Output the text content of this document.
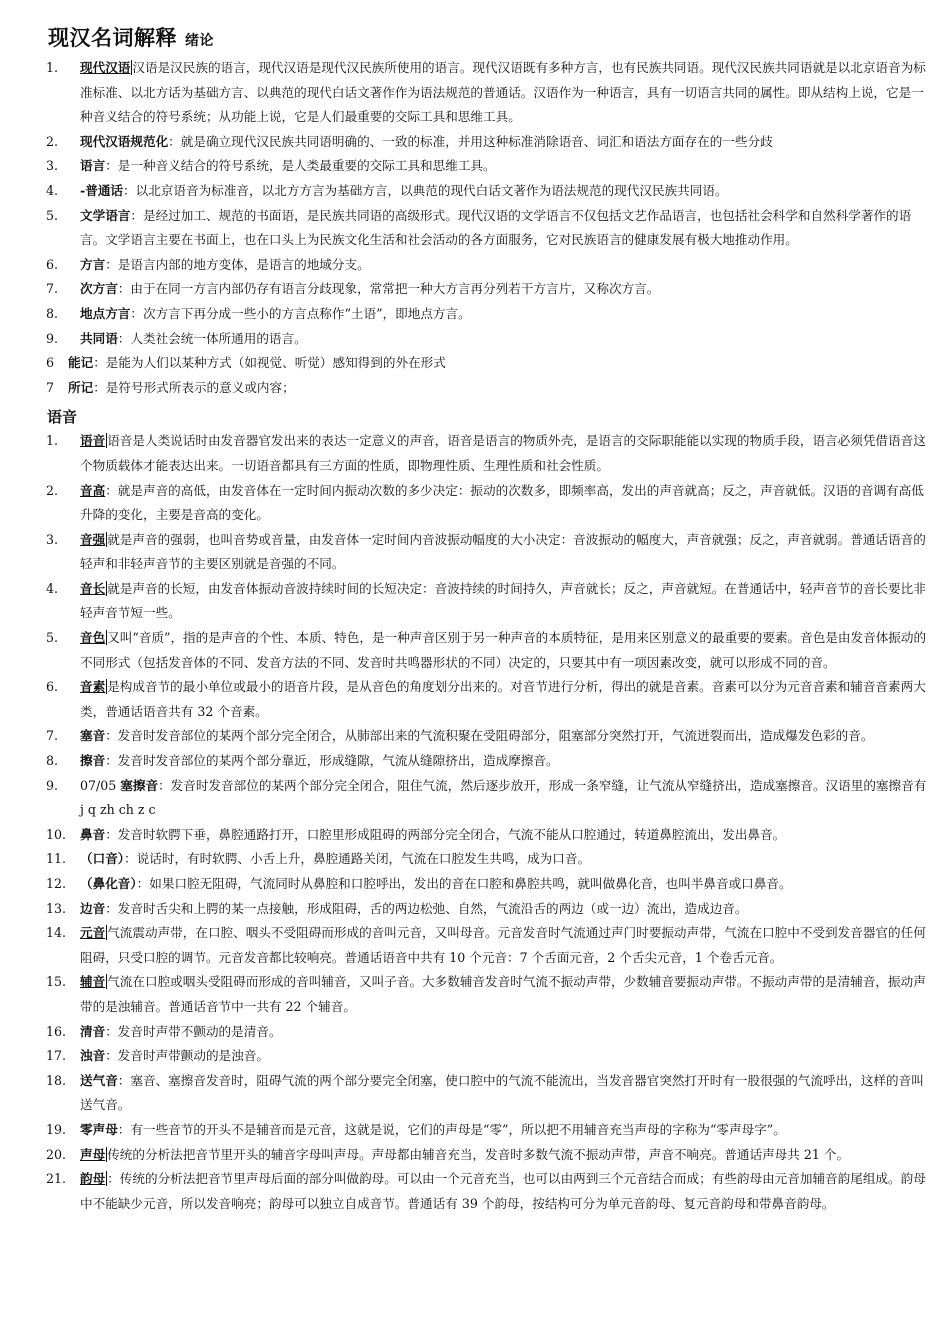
现汉名词解释 绪论
1. 现代汉语 汉语是汉民族的语言，现代汉语是现代汉民族所使用的语言。现代汉语既有多种方言，也有民族共同语。现代汉民族共同语就是以北京语音为标准标准、以北方话为基础方言、以典范的现代白话文著作作为语法规范的普通话。汉语作为一种语言，具有一切语言共同的属性。即从结构上说，它是一种音义结合的符号系统；从功能上说，它是人们最重要的交际工具和思维工具。
2. 现代汉语规范化：就是确立现代汉民族共同语明确的、一致的标准，并用这种标准消除语音、词汇和语法方面存在的一些分歧
3. 语言：是一种音义结合的符号系统，是人类最重要的交际工具和思维工具。
4. -普通话：以北京语音为标准音，以北方方言为基础方言，以典范的现代白话文著作为语法规范的现代汉民族共同语。
5. 文学语言：是经过加工、规范的书面语，是民族共同语的高级形式。现代汉语的文学语言不仅包括文艺作品语言，也包括社会科学和自然科学著作的语言。文学语言主要在书面上，也在口头上为民族文化生活和社会活动的各方面服务，它对民族语言的健康发展有极大地推动作用。
6. 方言：是语言内部的地方变体，是语言的地域分支。
7. 次方言：由于在同一方言内部仍存有语言分歧现象，常常把一种大方言再分列若干方言片，又称次方言。
8. 地点方言：次方言下再分成一些小的方言点称作“土语”，即地点方言。
9. 共同语：人类社会统一体所通用的语言。
6 能记：是能为人们以某种方式（如视觉、听觉）感知得到的外在形式
7 所记：是符号形式所表示的意义或内容；
语音
1. 语音 语音是人类说话时由发音器官发出来的表达一定意义的声音，语音是语言的物质外壳，是语言的交际职能能以实现的物质手段，语言必须凭借语音这个物质载体才能表达出来。一切语音都具有三方面的性质，即物理性质、生理性质和社会性质。
2. 音高：就是声音的高低，由发音体在一定时间内振动次数的多少决定：振动的次数多，即频率高，发出的声音就高；反之，声音就低。汉语的音调有高低升降的变化，主要是音高的变化。
3. 音强 就是声音的强弱，也叫音势或音量，由发音体一定时间内音波振动幅度的大小决定：音波振动的幅度大，声音就强；反之，声音就弱。普通话语音的轻声和非轻声音节的主要区别就是音强的不同。
4. 音长 就是声音的长短，由发音体振动音波持续时间的长短决定：音波持续的时间持久，声音就长；反之，声音就短。在普通话中，轻声音节的音长要比非轻声音节短一些。
5. 音色 又叫“音质”，指的是声音的个性、本质、特色，是一种声音区别于另一种声音的本质特征，是用来区别意义的最重要的要素。音色是由发音体振动的不同形式（包括发音体的不同、发音方法的不同、发音时共鸣器形状的不同）决定的，只要其中有一项因素改变，就可以形成不同的音。
6. 音素 是构成音节的最小单位或最小的语音片段，是从音色的角度划分出来的。对音节进行分析，得出的就是音素。音素可以分为元音音素和辅音音素两大类，普通话语音共有 32 个音素。
7. 塞音：发音时发音部位的某两个部分完全闭合，从肺部出来的气流积聚在受阻碍部分，阻塞部分突然打开，气流迸裂而出，造成爆发色彩的音。
8. 擦音：发音时发音部位的某两个部分靠近，形成缝隙，气流从缝隙挤出，造成摩擦音。
9. 07/05 塞擦音：发音时发音部位的某两个部分完全闭合，阻住气流，然后逐步放开，形成一条窄缝，让气流从窄缝挤出，造成塞擦音。汉语里的塞擦音有 j q zh ch z c
10. 鼻音：发音时软腭下垂，鼻腔通路打开，口腔里形成阻碍的两部分完全闭合，气流不能从口腔通过，转道鼻腔流出，发出鼻音。
11. （口音）：说话时，有时软腭、小舌上升，鼻腔通路关闭，气流在口腔发生共鸣，成为口音。
12. （鼻化音）：如果口腔无阻碍，气流同时从鼻腔和口腔呼出，发出的音在口腔和鼻腔共鸣，就叫做鼻化音，也叫半鼻音或口鼻音。
13. 边音：发音时舌尖和上腭的某一点接触，形成阻碍，舌的两边松弛、自然，气流沿舌的两边（或一边）流出，造成边音。
14. 元音 气流震动声带，在口腔、咽头不受阻碍而形成的音叫元音，又叫母音。元音发音时气流通过声门时要振动声带，气流在口腔中不受到发音器官的任何阻碍，只受口腔的调节。元音发音都比较响亮。普通话语音中共有 10 个元音：7 个舌面元音，2 个舌尖元音，1 个卷舌元音。
15. 辅音 气流在口腔或咽头受阻碍而形成的音叫辅音，又叫子音。大多数辅音发音时气流不振动声带，少数辅音要振动声带。不振动声带的是清辅音，振动声带的是浊辅音。普通话音节中一共有 22 个辅音。
16. 清音：发音时声带不颤动的是清音。
17. 浊音：发音时声带颤动的是浊音。
18. 送气音：塞音、塞擦音发音时，阻碍气流的两个部分要完全闭塞，使口腔中的气流不能流出，当发音器官突然打开时有一股很强的气流呼出，这样的音叫送气音。
19. 零声母：有一些音节的开头不是辅音而是元音，这就是说，它们的声母是“零”，所以把不用辅音充当声母的字称为“零声母字”。
20. 声母 传统的分析法把音节里开头的辅音字母叫声母。声母都由辅音充当，发音时多数气流不振动声带，声音不响亮。普通话声母共 21 个。
21. 韵母 ：传统的分析法把音节里声母后面的部分叫做韵母。可以由一个元音充当，也可以由两到三个元音结合而成；有些韵母由元音加辅音韵尾组成。韵母中不能缺少元音，所以发音响亮；韵母可以独立自成音节。普通话有 39 个韵母，按结构可分为单元音韵母、复元音韵母和带鼻音韵母。
